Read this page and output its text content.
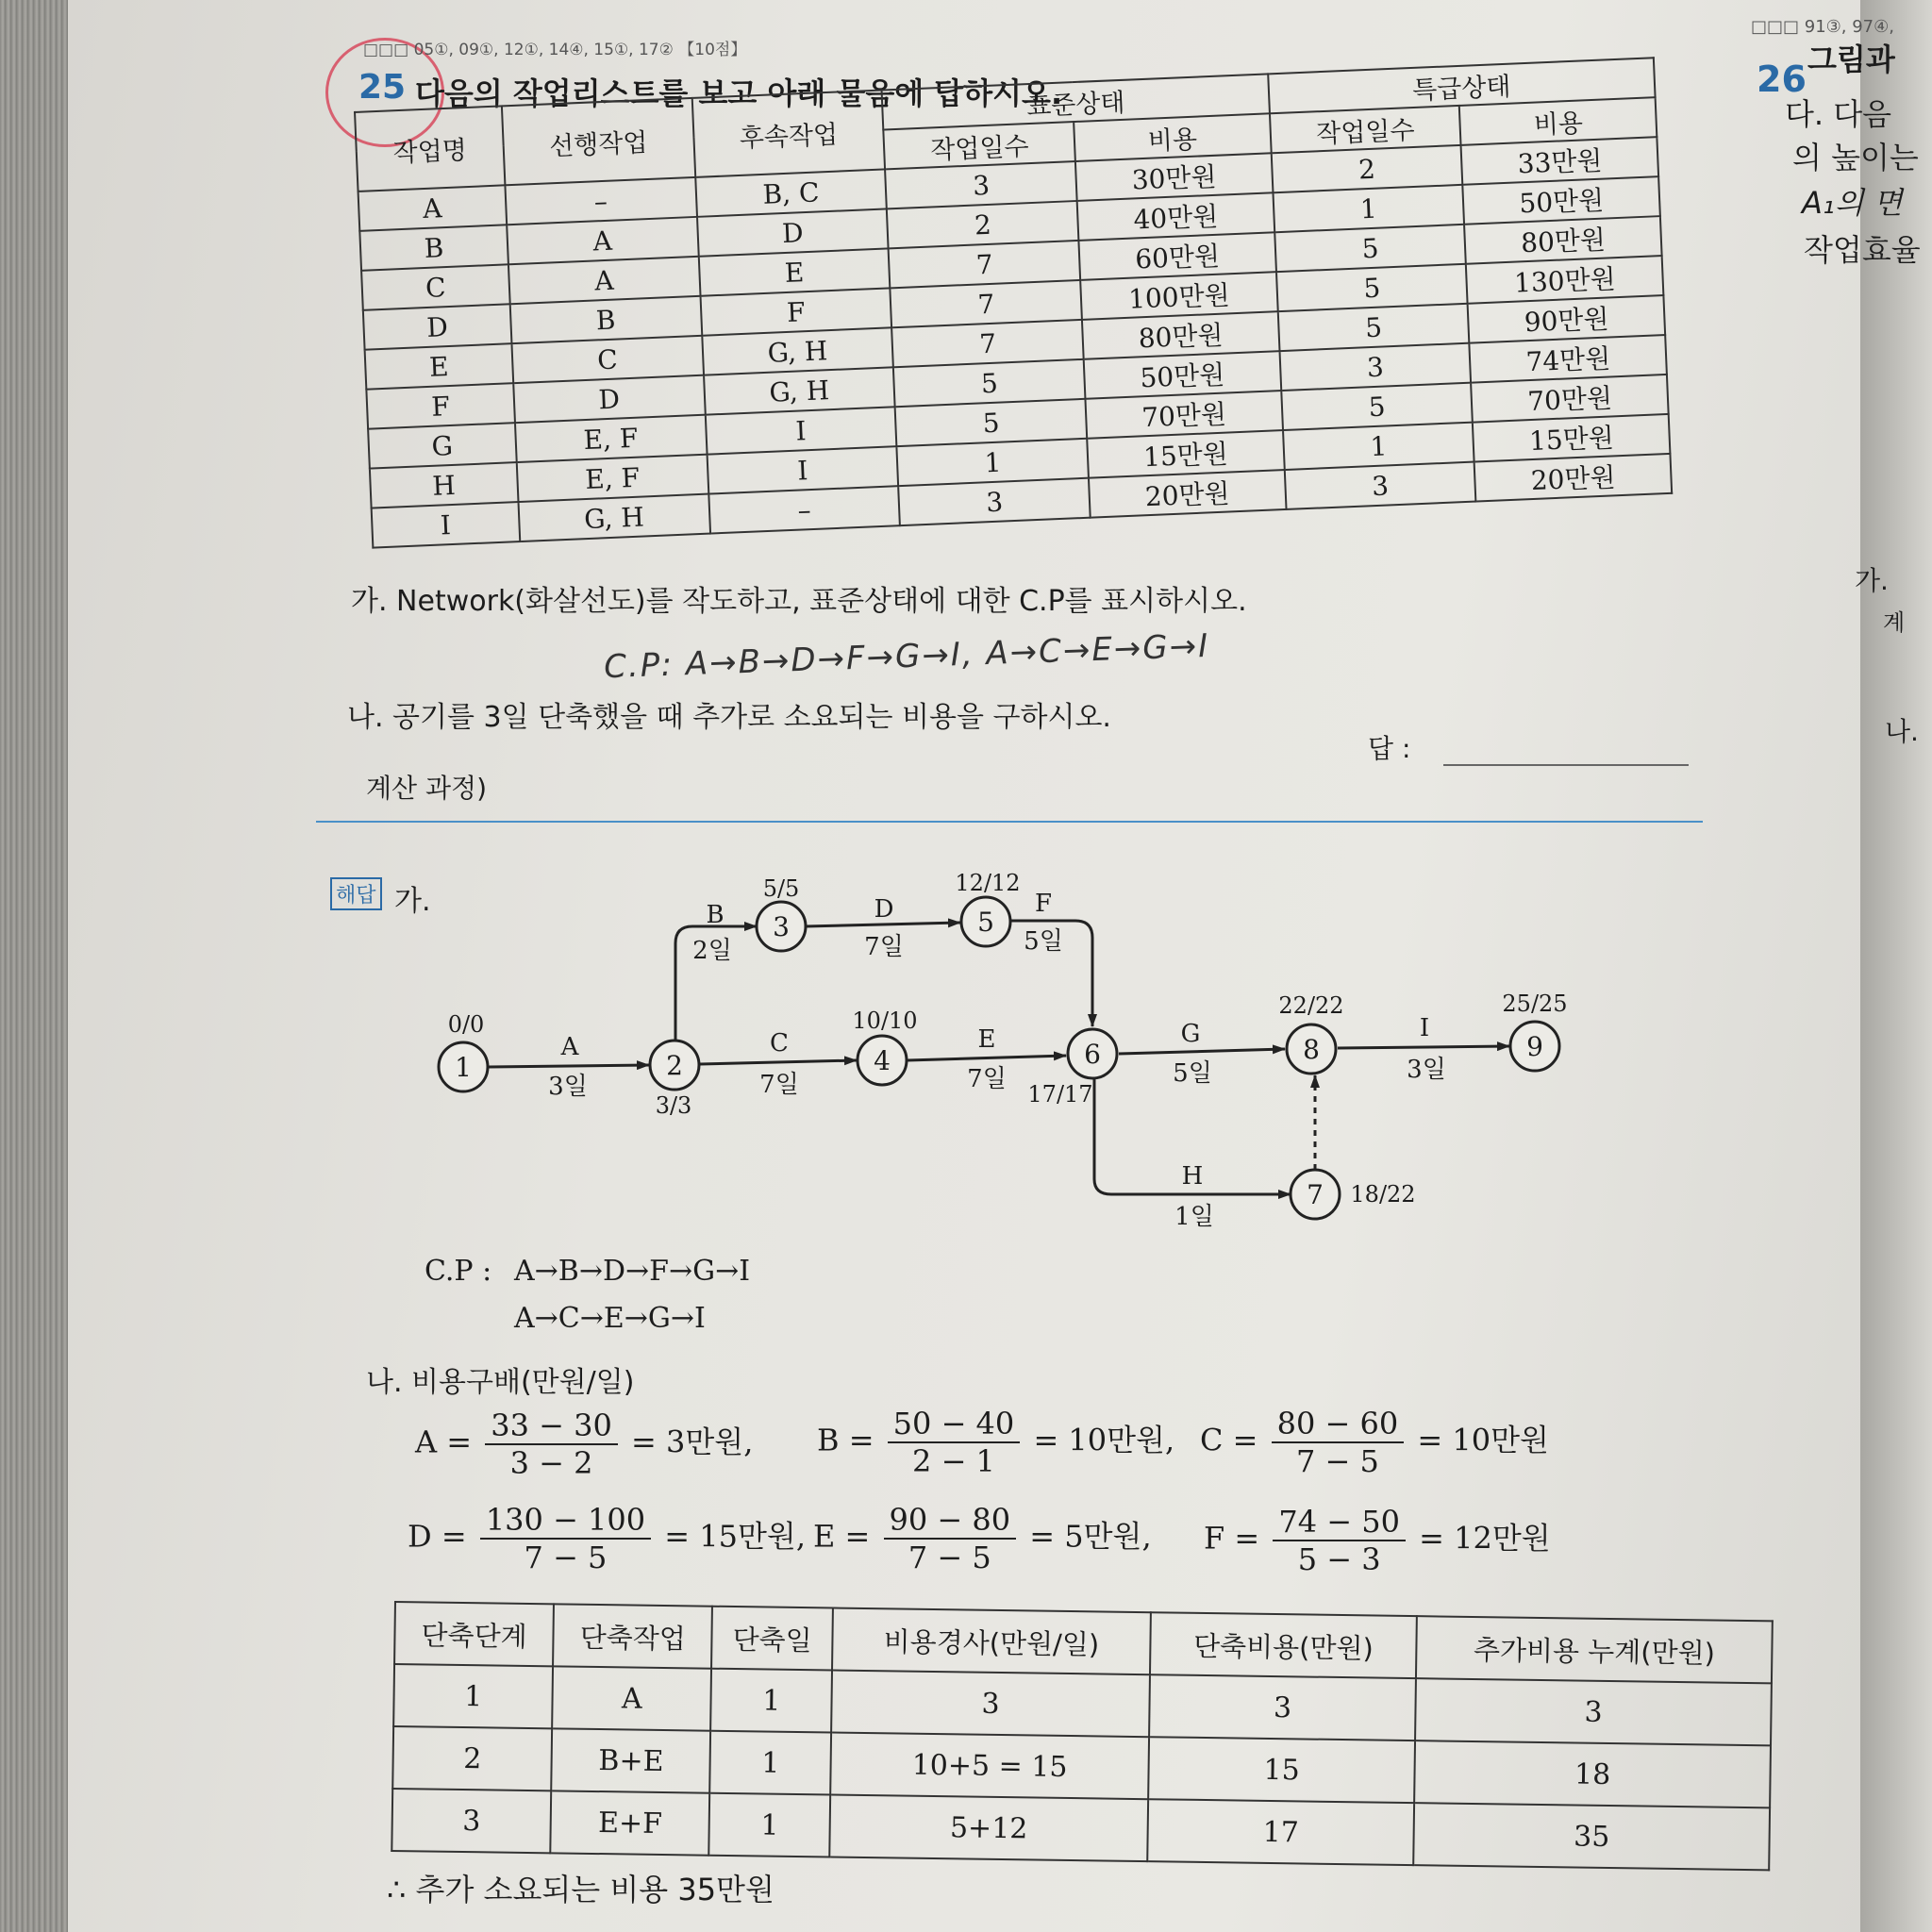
□□□ 05①, 09①, 12①, 14④, 15①, 17② 【10점】
25 다음의 작업리스트를 보고 아래 물음에 답하시오.
작업명	선행작업	후속작업	표준상태		특급상태	
			작업일수	비용	작업일수	비용
A	–	B, C	3	30만원	2	33만원
B	A	D	2	40만원	1	50만원
C	A	E	7	60만원	5	80만원
D	B	F	7	100만원	5	130만원
E	C	G, H	7	80만원	5	90만원
F	D	G, H	5	50만원	3	74만원
G	E, F	I	5	70만원	5	70만원
H	E, F	I	1	15만원	1	15만원
I	G, H	–	3	20만원	3	20만원
가. Network(화살선도)를 작도하고, 표준상태에 대한 C.P를 표시하시오.
C.P: A→B→D→F→G→I, A→C→E→G→I
나. 공기를 3일 단축했을 때 추가로 소요되는 비용을 구하시오.
답 :
계산 과정)
해답 가.
1	2
3
4
5
6
7
8	9
0/0
3/3
5/5
10/10
12/12
17/17
18/22
22/22	25/25
A
B
C
D
E
F
G
H
I
3일
2일
7일
7일
7일
5일
5일
1일
3일
C.P : A→B→D→F→G→I
A→C→E→G→I
나. 비용구배(만원/일)
$A = \frac{33 - 30}{3 - 2} = 3$만원, $B = \frac{50 - 40}{2 - 1} = 10$만원, $C = \frac{80 - 60}{7 - 5} = 10$만원
$D = \frac{130 - 100}{7 - 5} = 15$만원, $E = \frac{90 - 80}{7 - 5} = 5$만원, $F = \frac{74 - 50}{5 - 3} = 12$만원
단축단계	단축작업	단축일	비용경사(만원/일)	단축비용(만원)	추가비용 누계(만원)
1	A	1	3	3	3
2	B+E	1	10+5 = 15	15	18
3	E+F	1	5+12	17	35
∴ 추가 소요되는 비용 35만원
□□□ 91③, 97④,
26 그림과
다. 다음
의 높이는
A₁의 면
작업효율
가.
계
나.
